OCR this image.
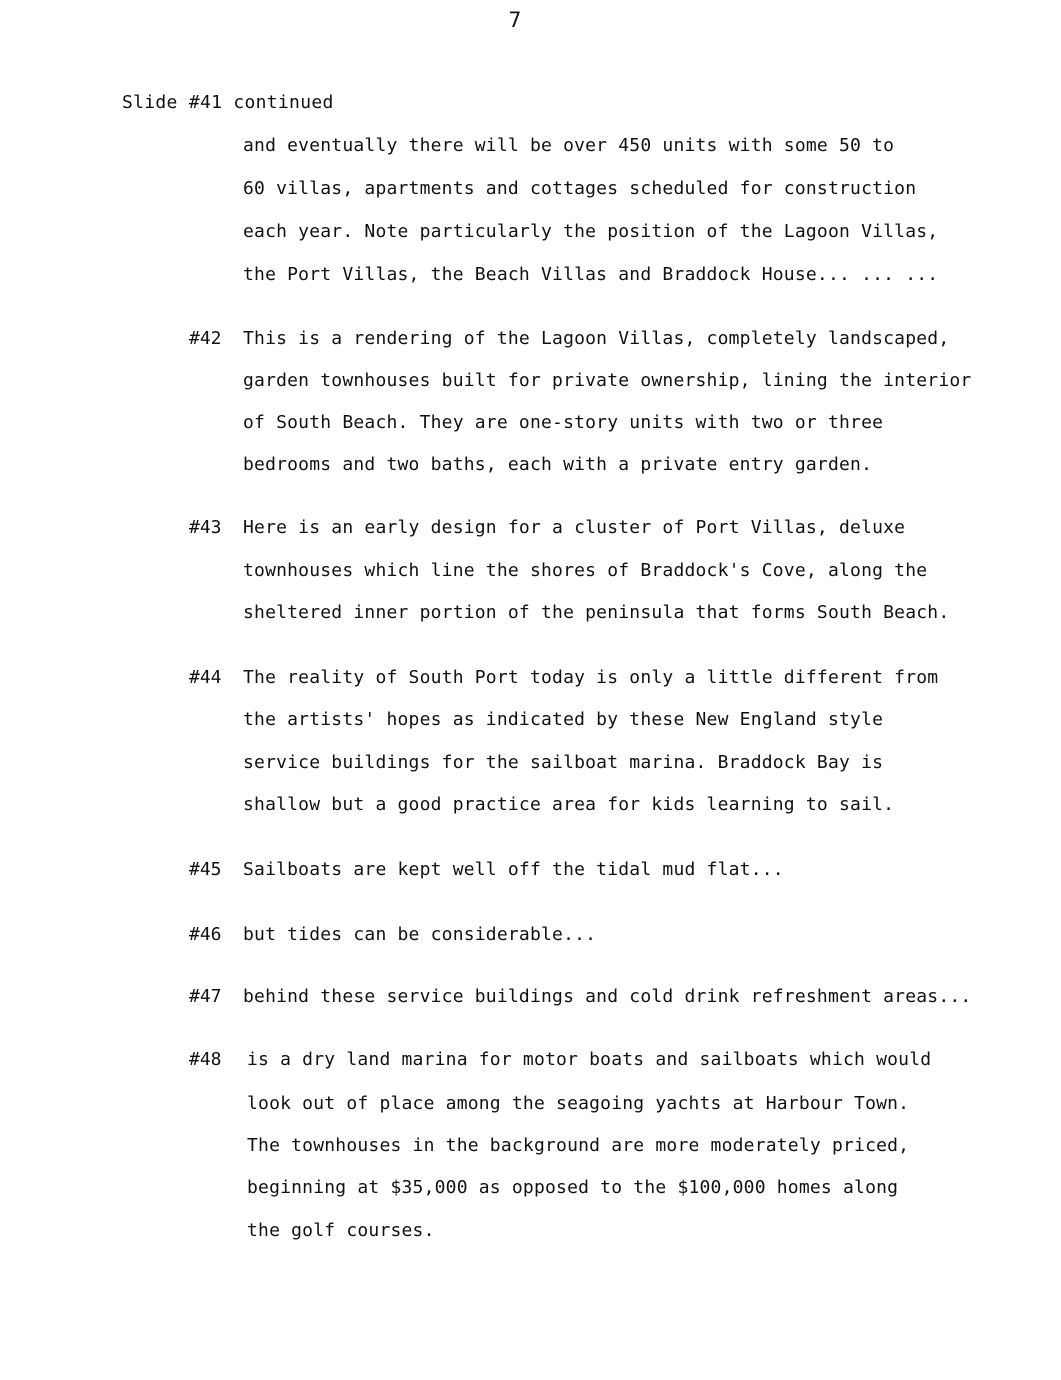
7
Slide #41 continued
and eventually there will be over 450 units with some 50 to
60 villas, apartments and cottages scheduled for construction
each year. Note particularly the position of the Lagoon Villas,
the Port Villas, the Beach Villas and Braddock House... ... ...
#42 This is a rendering of the Lagoon Villas, completely landscaped,
garden townhouses built for private ownership, lining the interior
of South Beach. They are one-story units with two or three
bedrooms and two baths, each with a private entry garden.
#43 Here is an early design for a cluster of Port Villas, deluxe
townhouses which line the shores of Braddock's Cove, along the
sheltered inner portion of the peninsula that forms South Beach.
#44 The reality of South Port today is only a little different from
the artists' hopes as indicated by these New England style
service buildings for the sailboat marina. Braddock Bay is
shallow but a good practice area for kids learning to sail.
#45 Sailboats are kept well off the tidal mud flat...
#46 but tides can be considerable...
#47 behind these service buildings and cold drink refreshment areas...
#48 is a dry land marina for motor boats and sailboats which would
look out of place among the seagoing yachts at Harbour Town.
The townhouses in the background are more moderately priced,
beginning at $35,000 as opposed to the $100,000 homes along
the golf courses.
